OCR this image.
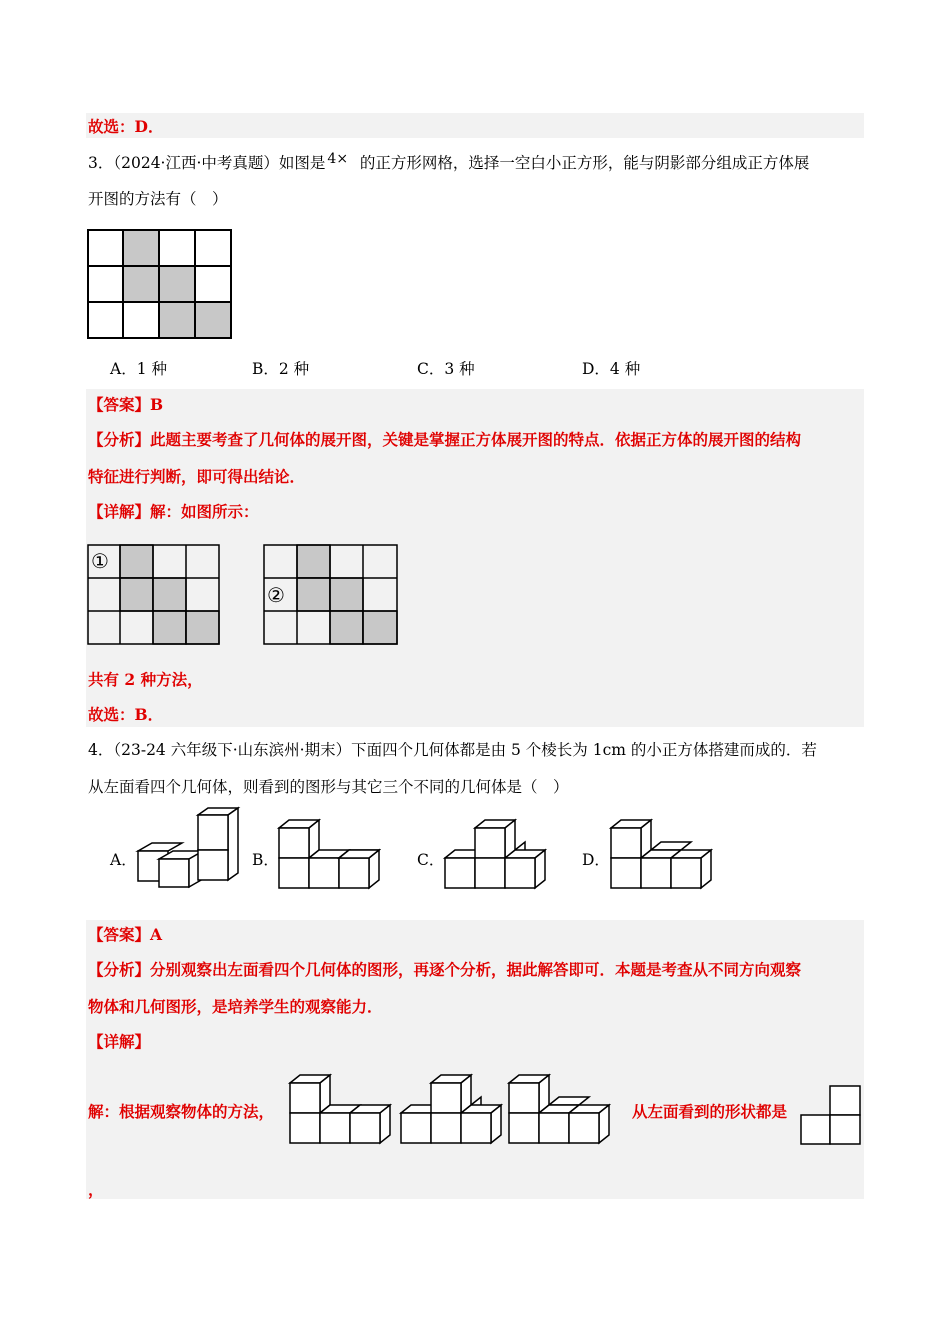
故选：D．
3．（2024·江西·中考真题）如图是 4× 的正方形网格，选择一空白小正方形，能与阴影部分组成正方体展
开图的方法有（　）
A．1 种	B．2 种	C．3 种	D．4 种
【答案】B
【分析】此题主要考查了几何体的展开图，关键是掌握正方体展开图的特点．依据正方体的展开图的结构
特征进行判断，即可得出结论．
【详解】解：如图所示：
①
②
共有 2 种方法，
故选：B．
4．（23-24 六年级下·山东滨州·期末）下面四个几何体都是由 5 个棱长为 1cm 的小正方体搭建而成的．若
从左面看四个几何体，则看到的图形与其它三个不同的几何体是（　）
A．	B．	C．	D．
【答案】A
【分析】分别观察出左面看四个几何体的图形，再逐个分析，据此解答即可．本题是考查从不同方向观察
物体和几何图形，是培养学生的观察能力．
【详解】
解：根据观察物体的方法，	从左面看到的形状都是
，
